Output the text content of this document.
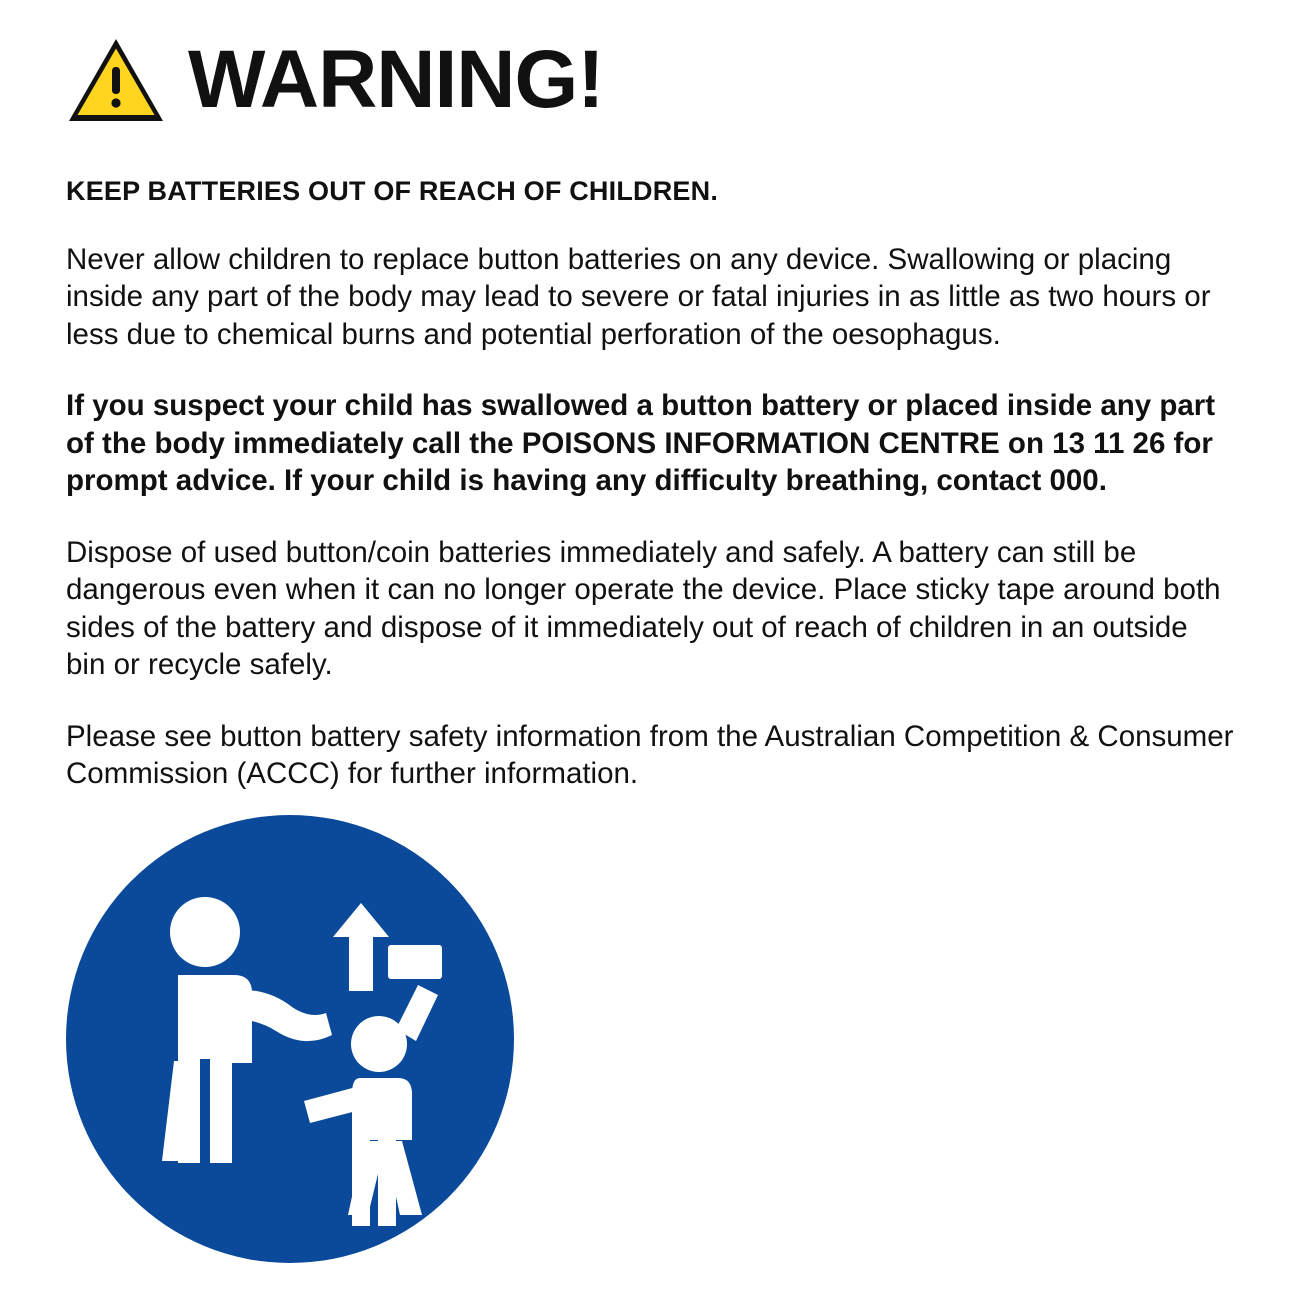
WARNING!
KEEP BATTERIES OUT OF REACH OF CHILDREN.

Never allow children to replace button batteries on any device. Swallowing or placing inside any part of the body may lead to severe or fatal injuries in as little as two hours or less due to chemical burns and potential perforation of the oesophagus.

If you suspect your child has swallowed a button battery or placed inside any part of the body immediately call the POISONS INFORMATION CENTRE on 13 11 26 for prompt advice. If your child is having any difficulty breathing, contact 000.

Dispose of used button/coin batteries immediately and safely. A battery can still be dangerous even when it can no longer operate the device. Place sticky tape around both sides of the battery and dispose of it immediately out of reach of children in an outside bin or recycle safely.

Please see button battery safety information from the Australian Competition & Consumer Commission (ACCC) for further information.
